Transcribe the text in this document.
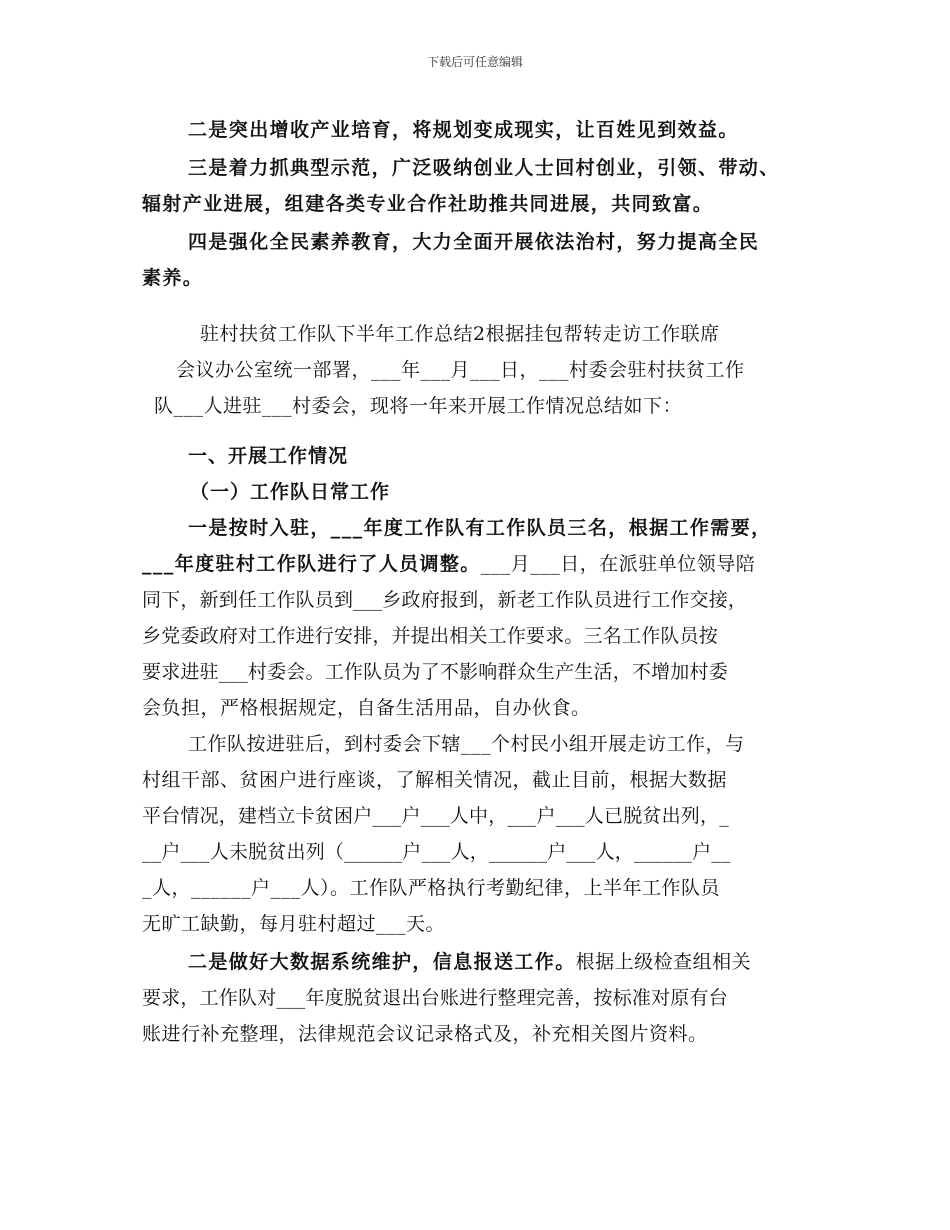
下载后可任意编辑
二是突出增收产业培育，将规划变成现实，让百姓见到效益。
三是着力抓典型示范，广泛吸纳创业人士回村创业，引领、带动、
辐射产业进展，组建各类专业合作社助推共同进展，共同致富。
四是强化全民素养教育，大力全面开展依法治村，努力提高全民
素养。
驻村扶贫工作队下半年工作总结2根据挂包帮转走访工作联席
会议办公室统一部署，___年___月___日，___村委会驻村扶贫工作
队___人进驻___村委会，现将一年来开展工作情况总结如下：
一、开展工作情况
（一）工作队日常工作
一是按时入驻，___年度工作队有工作队员三名，根据工作需要，
___年度驻村工作队进行了人员调整。___月___日，在派驻单位领导陪
同下，新到任工作队员到___乡政府报到，新老工作队员进行工作交接，
乡党委政府对工作进行安排，并提出相关工作要求。三名工作队员按
要求进驻___村委会。工作队员为了不影响群众生产生活，不增加村委
会负担，严格根据规定，自备生活用品，自办伙食。
工作队按进驻后，到村委会下辖___个村民小组开展走访工作，与
村组干部、贫困户进行座谈，了解相关情况，截止目前，根据大数据
平台情况，建档立卡贫困户___户___人中，___户___人已脱贫出列，_
__户___人未脱贫出列（______户___人，______户___人，______户__
_人，______户___人）。工作队严格执行考勤纪律，上半年工作队员
无旷工缺勤，每月驻村超过___天。
二是做好大数据系统维护，信息报送工作。根据上级检查组相关
要求，工作队对___年度脱贫退出台账进行整理完善，按标准对原有台
账进行补充整理，法律规范会议记录格式及，补充相关图片资料。
